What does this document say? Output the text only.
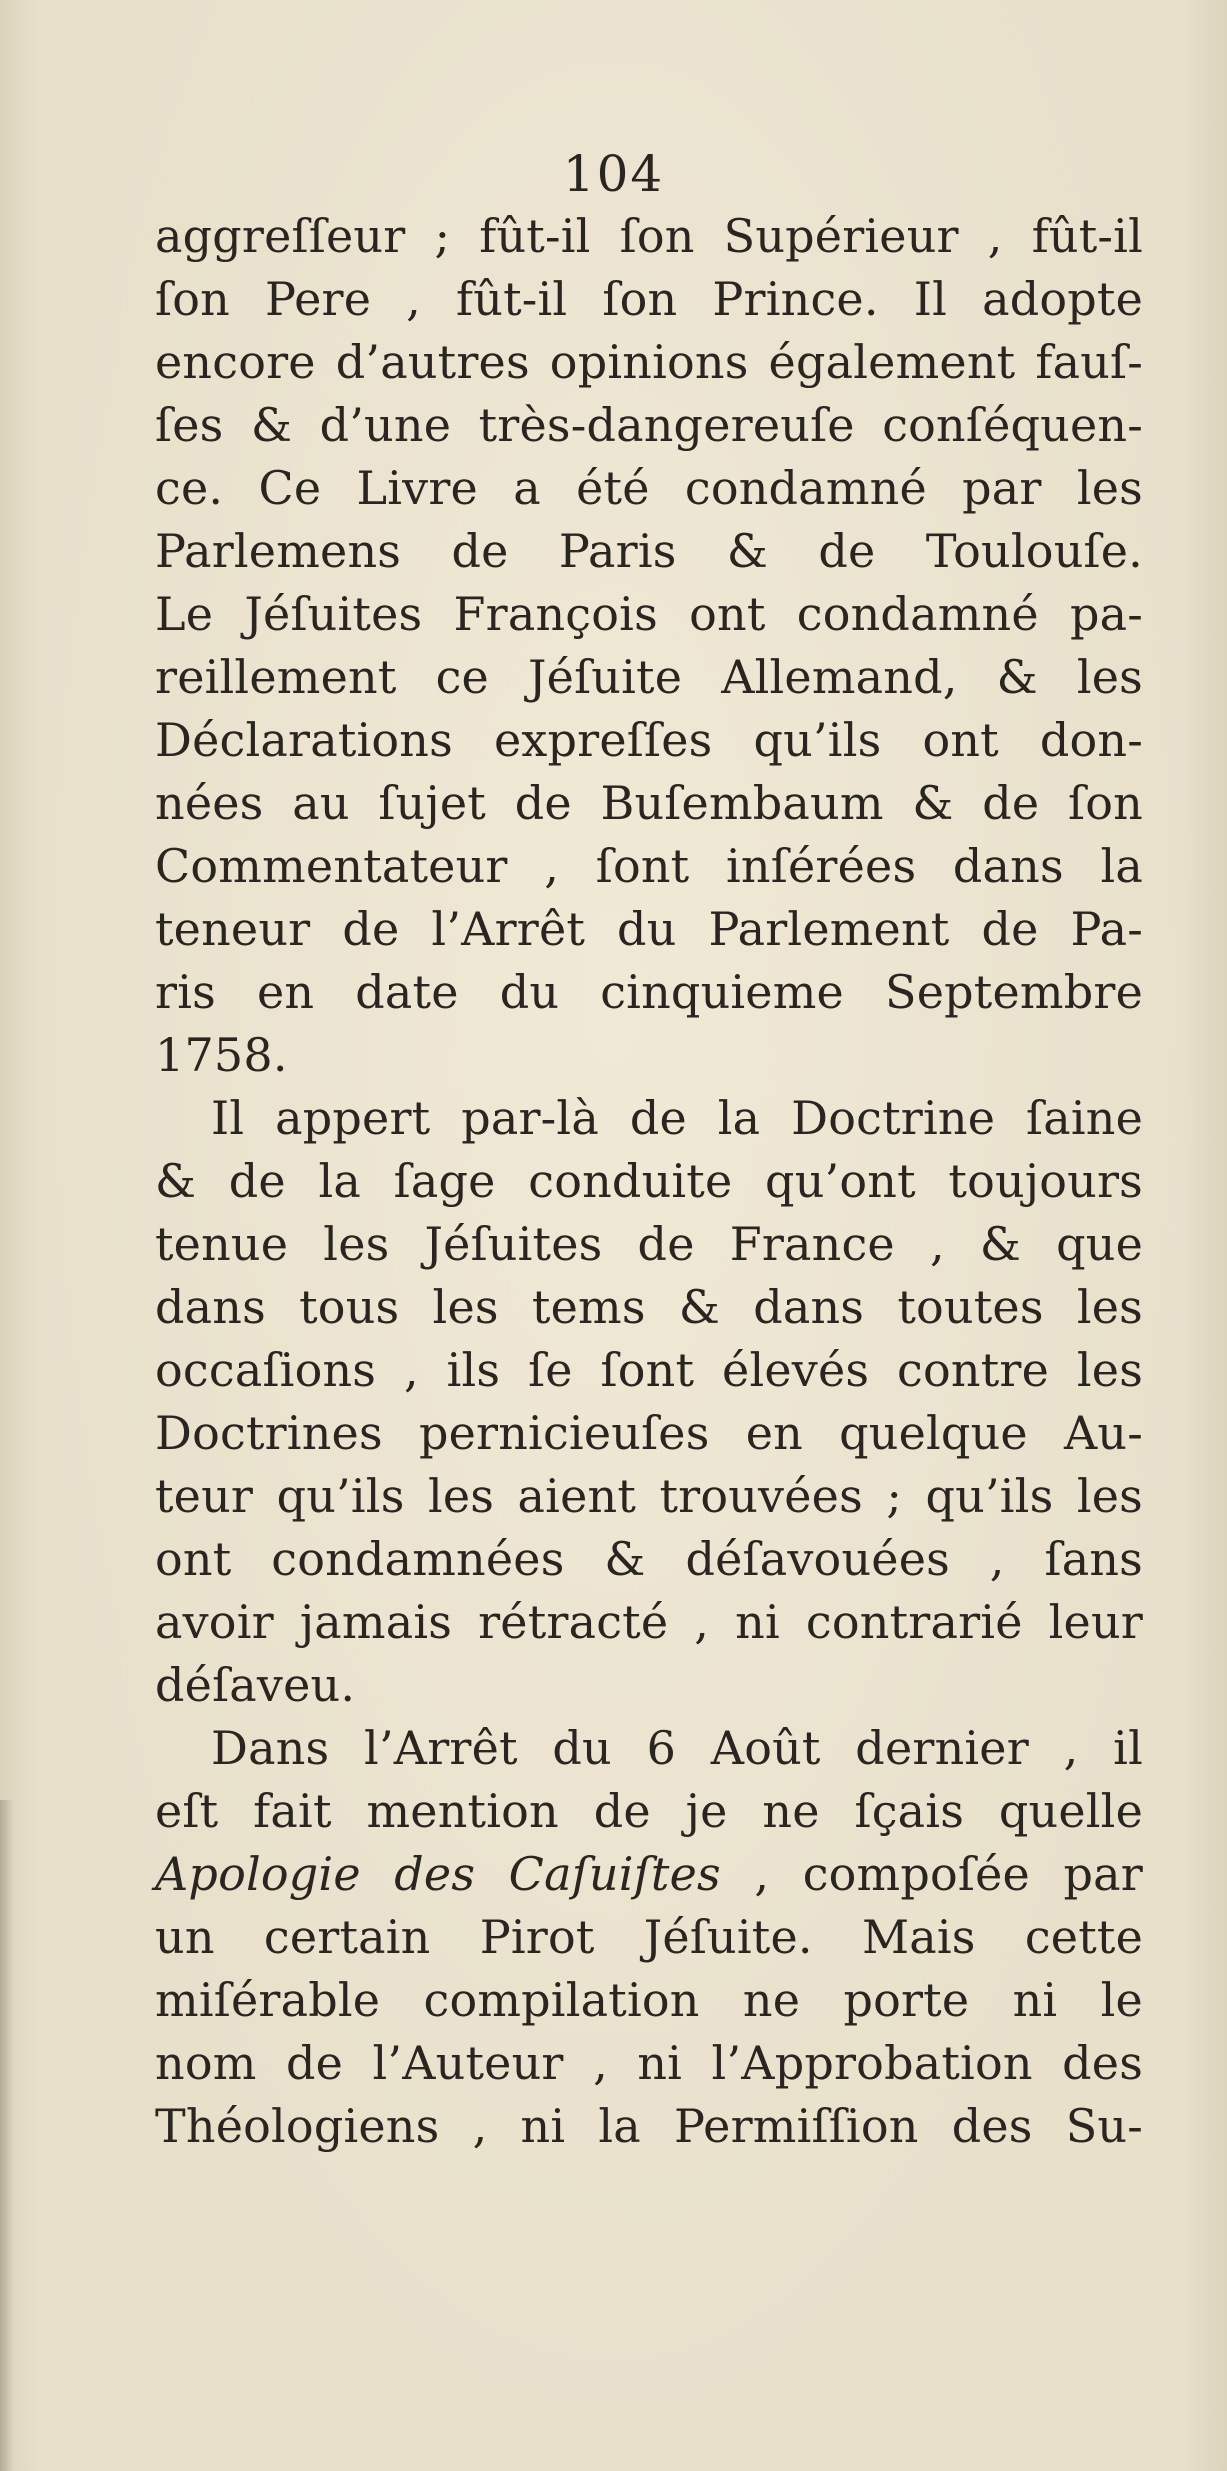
104
aggreſſeur ; fût-il ſon Supérieur , fût-il
ſon Pere , fût-il ſon Prince. Il adopte
encore d’autres opinions également fauſ-
ſes & d’une très-dangereuſe conſéquen-
ce. Ce Livre a été condamné par les
Parlemens de Paris & de Toulouſe.
Le Jéſuites François ont condamné pa-
reillement ce Jéſuite Allemand, & les
Déclarations expreſſes qu’ils ont don-
nées au ſujet de Buſembaum & de ſon
Commentateur , ſont inſérées dans la
teneur de l’Arrêt du Parlement de Pa-
ris en date du cinquieme Septembre
1758.
Il appert par-là de la Doctrine ſaine
& de la ſage conduite qu’ont toujours
tenue les Jéſuites de France , & que
dans tous les tems & dans toutes les
occaſions , ils ſe ſont élevés contre les
Doctrines pernicieuſes en quelque Au-
teur qu’ils les aient trouvées ; qu’ils les
ont condamnées & déſavouées , ſans
avoir jamais rétracté , ni contrarié leur
déſaveu.
Dans l’Arrêt du 6 Août dernier , il
eſt fait mention de je ne ſçais quelle
Apologie des Caſuiſtes , compoſée par
un certain Pirot Jéſuite. Mais cette
miſérable compilation ne porte ni le
nom de l’Auteur , ni l’Approbation des
Théologiens , ni la Permiſſion des Su-
